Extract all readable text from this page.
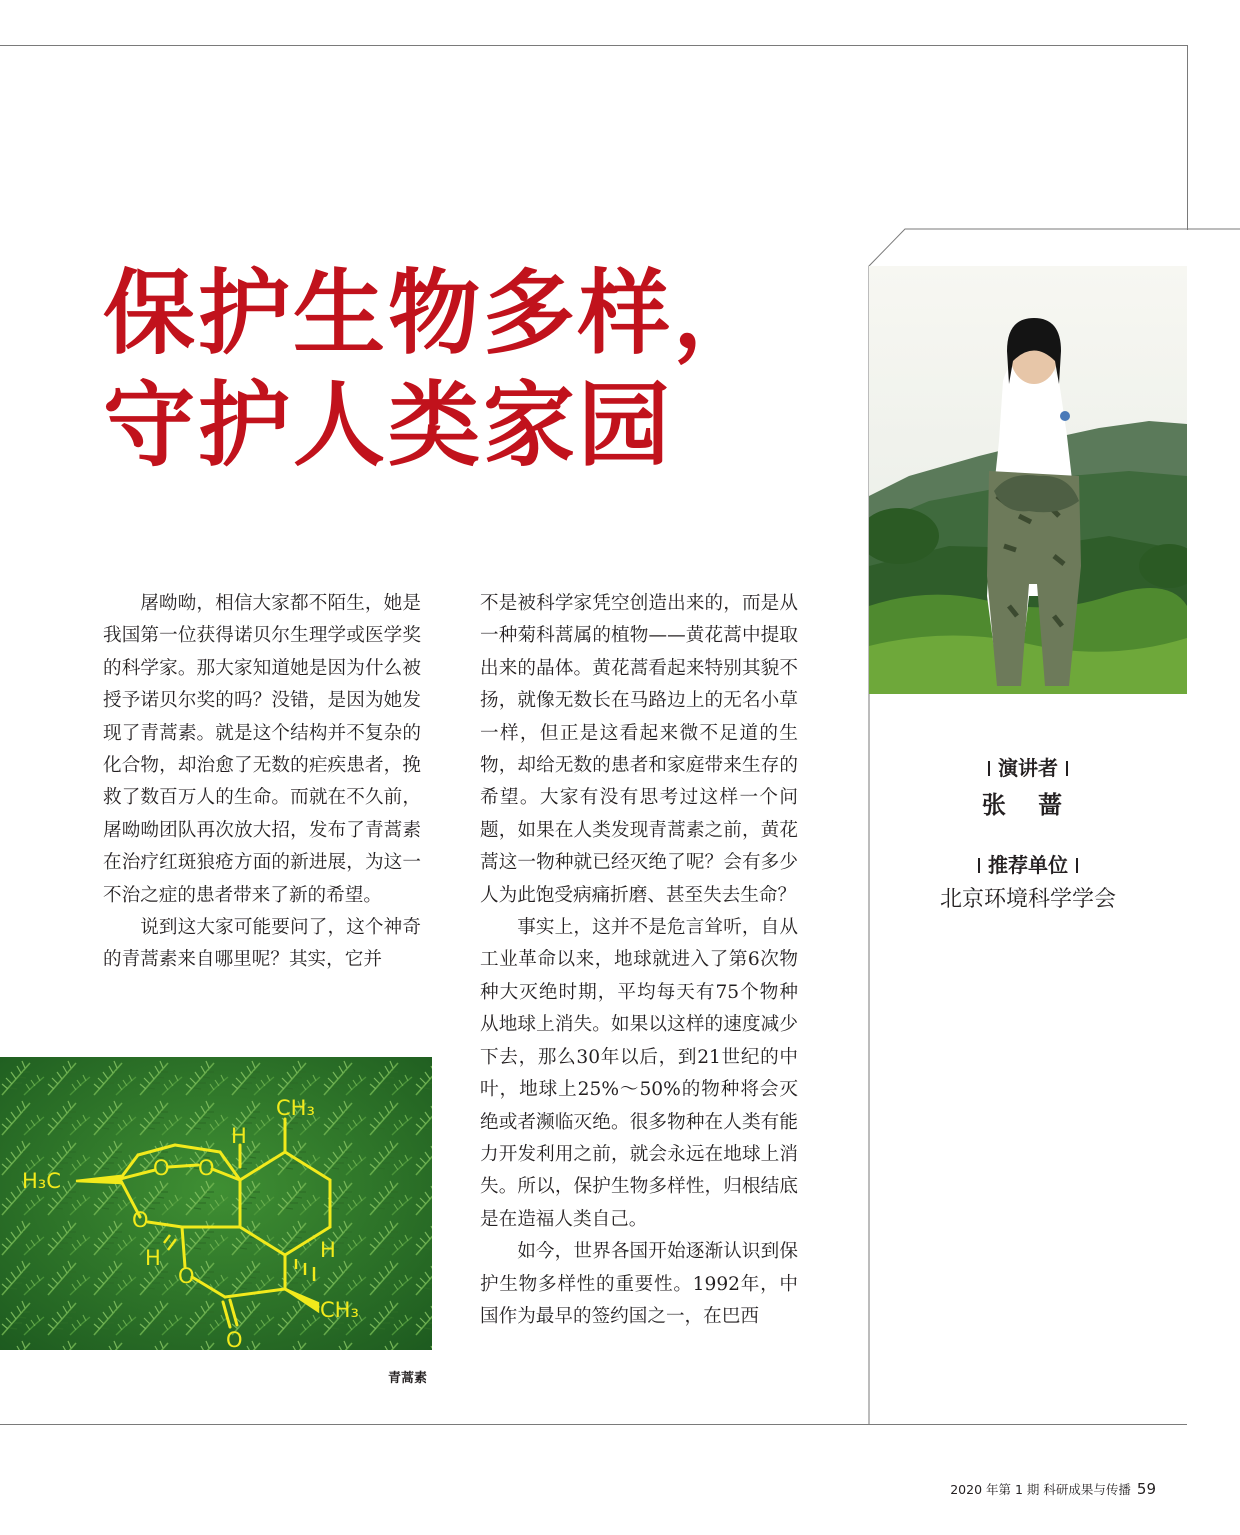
保护生物多样，
守护人类家园

屠呦呦，相信大家都不陌生，她是我国第一位获得诺贝尔生理学或医学奖的科学家。那大家知道她是因为什么被授予诺贝尔奖的吗？没错，是因为她发现了青蒿素。就是这个结构并不复杂的化合物，却治愈了无数的疟疾患者，挽救了数百万人的生命。而就在不久前，屠呦呦团队再次放大招，发布了青蒿素在治疗红斑狼疮方面的新进展，为这一不治之症的患者带来了新的希望。

说到这大家可能要问了，这个神奇的青蒿素来自哪里呢？其实，它并

不是被科学家凭空创造出来的，而是从一种菊科蒿属的植物——黄花蒿中提取出来的晶体。黄花蒿看起来特别其貌不扬，就像无数长在马路边上的无名小草一样，但正是这看起来微不足道的生物，却给无数的患者和家庭带来生存的希望。大家有没有思考过这样一个问题，如果在人类发现青蒿素之前，黄花蒿这一物种就已经灭绝了呢？会有多少人为此饱受病痛折磨、甚至失去生命？

事实上，这并不是危言耸听，自从工业革命以来，地球就进入了第6次物种大灭绝时期，平均每天有75个物种从地球上消失。如果以这样的速度减少下去，那么30年以后，到21世纪的中叶，地球上25%～50%的物种将会灭绝或者濒临灭绝。很多物种在人类有能力开发利用之前，就会永远在地球上消失。所以，保护生物多样性，归根结底是在造福人类自己。

如今，世界各国开始逐渐认识到保护生物多样性的重要性。1992年，中国作为最早的签约国之一，在巴西

CH₃
H
H₃C
O O
O
H	H
O
CH₃
O
青蒿素
演讲者
张 蔷
推荐单位
北京环境科学学会
2020 年第 1 期 科研成果与传播 59
